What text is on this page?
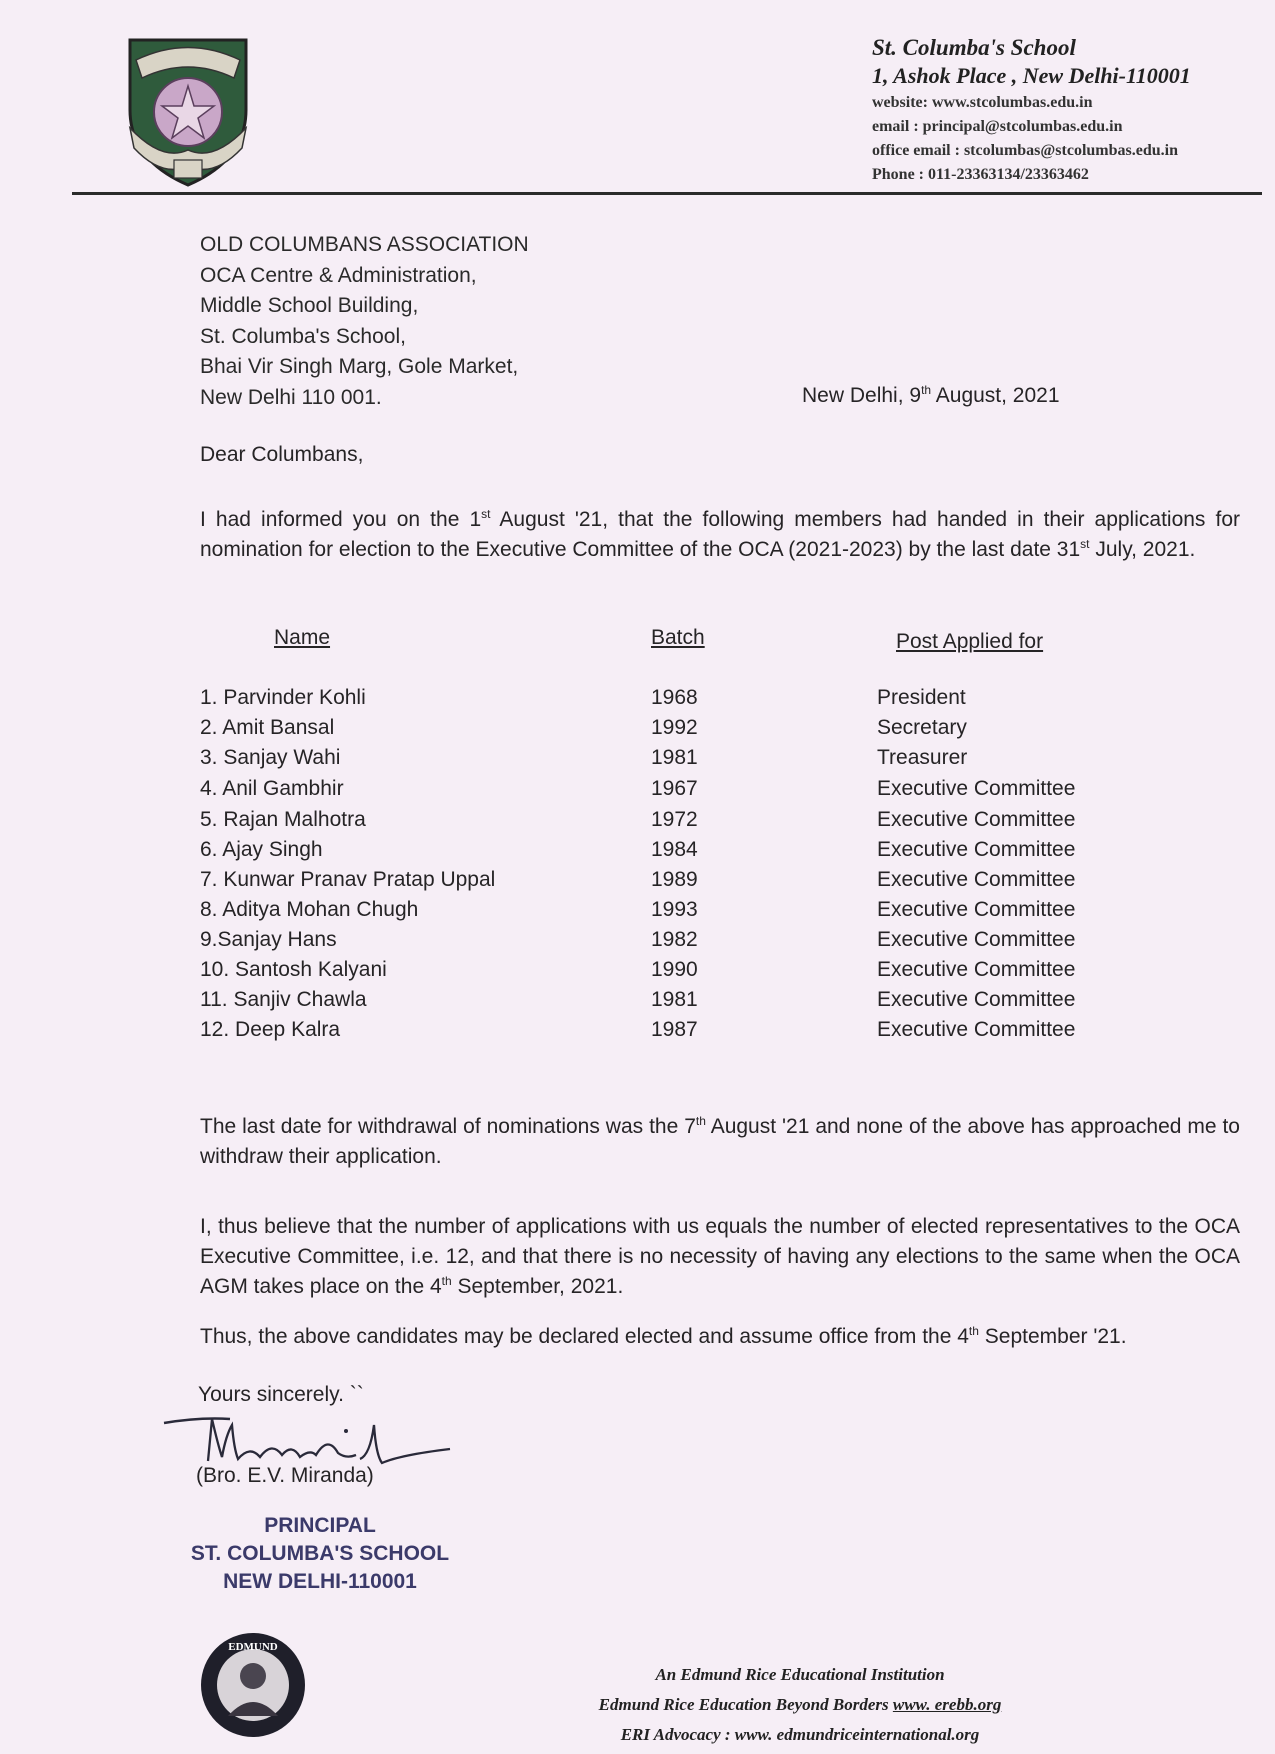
St. Columba's School
1, Ashok Place , New Delhi-110001
website: www.stcolumbas.edu.in
email : principal@stcolumbas.edu.in
office email : stcolumbas@stcolumbas.edu.in
Phone : 011-23363134/23363462
OLD COLUMBANS ASSOCIATION
OCA Centre & Administration,
Middle School Building,
St. Columba's School,
Bhai Vir Singh Marg, Gole Market,
New Delhi 110 001.	New Delhi, 9th August, 2021
Dear Columbans,
I had informed you on the 1st August '21, that the following members had handed in their applications for nomination for election to the Executive Committee of the OCA (2021-2023) by the last date 31st July, 2021.
Name	Batch	Post Applied for
1. Parvinder Kohli	1968	President
2. Amit Bansal	1992	Secretary
3. Sanjay Wahi	1981	Treasurer
4. Anil Gambhir	1967	Executive Committee
5. Rajan Malhotra	1972	Executive Committee
6. Ajay Singh	1984	Executive Committee
7. Kunwar Pranav Pratap Uppal	1989	Executive Committee
8. Aditya Mohan Chugh	1993	Executive Committee
9.Sanjay Hans	1982	Executive Committee
10. Santosh Kalyani	1990	Executive Committee
11. Sanjiv Chawla	1981	Executive Committee
12. Deep Kalra	1987	Executive Committee
The last date for withdrawal of nominations was the 7th August '21 and none of the above has approached me to withdraw their application.
I, thus believe that the number of applications with us equals the number of elected representatives to the OCA Executive Committee, i.e. 12, and that there is no necessity of having any elections to the same when the OCA AGM takes place on the 4th September, 2021.
Thus, the above candidates may be declared elected and assume office from the 4th September '21.
Yours sincerely. ``
(Bro. E.V. Miranda)
PRINCIPAL
ST. COLUMBA'S SCHOOL
NEW DELHI-110001
EDMUND
An Edmund Rice Educational Institution
Edmund Rice Education Beyond Borders www. erebb.org
ERI Advocacy : www. edmundriceinternational.org
